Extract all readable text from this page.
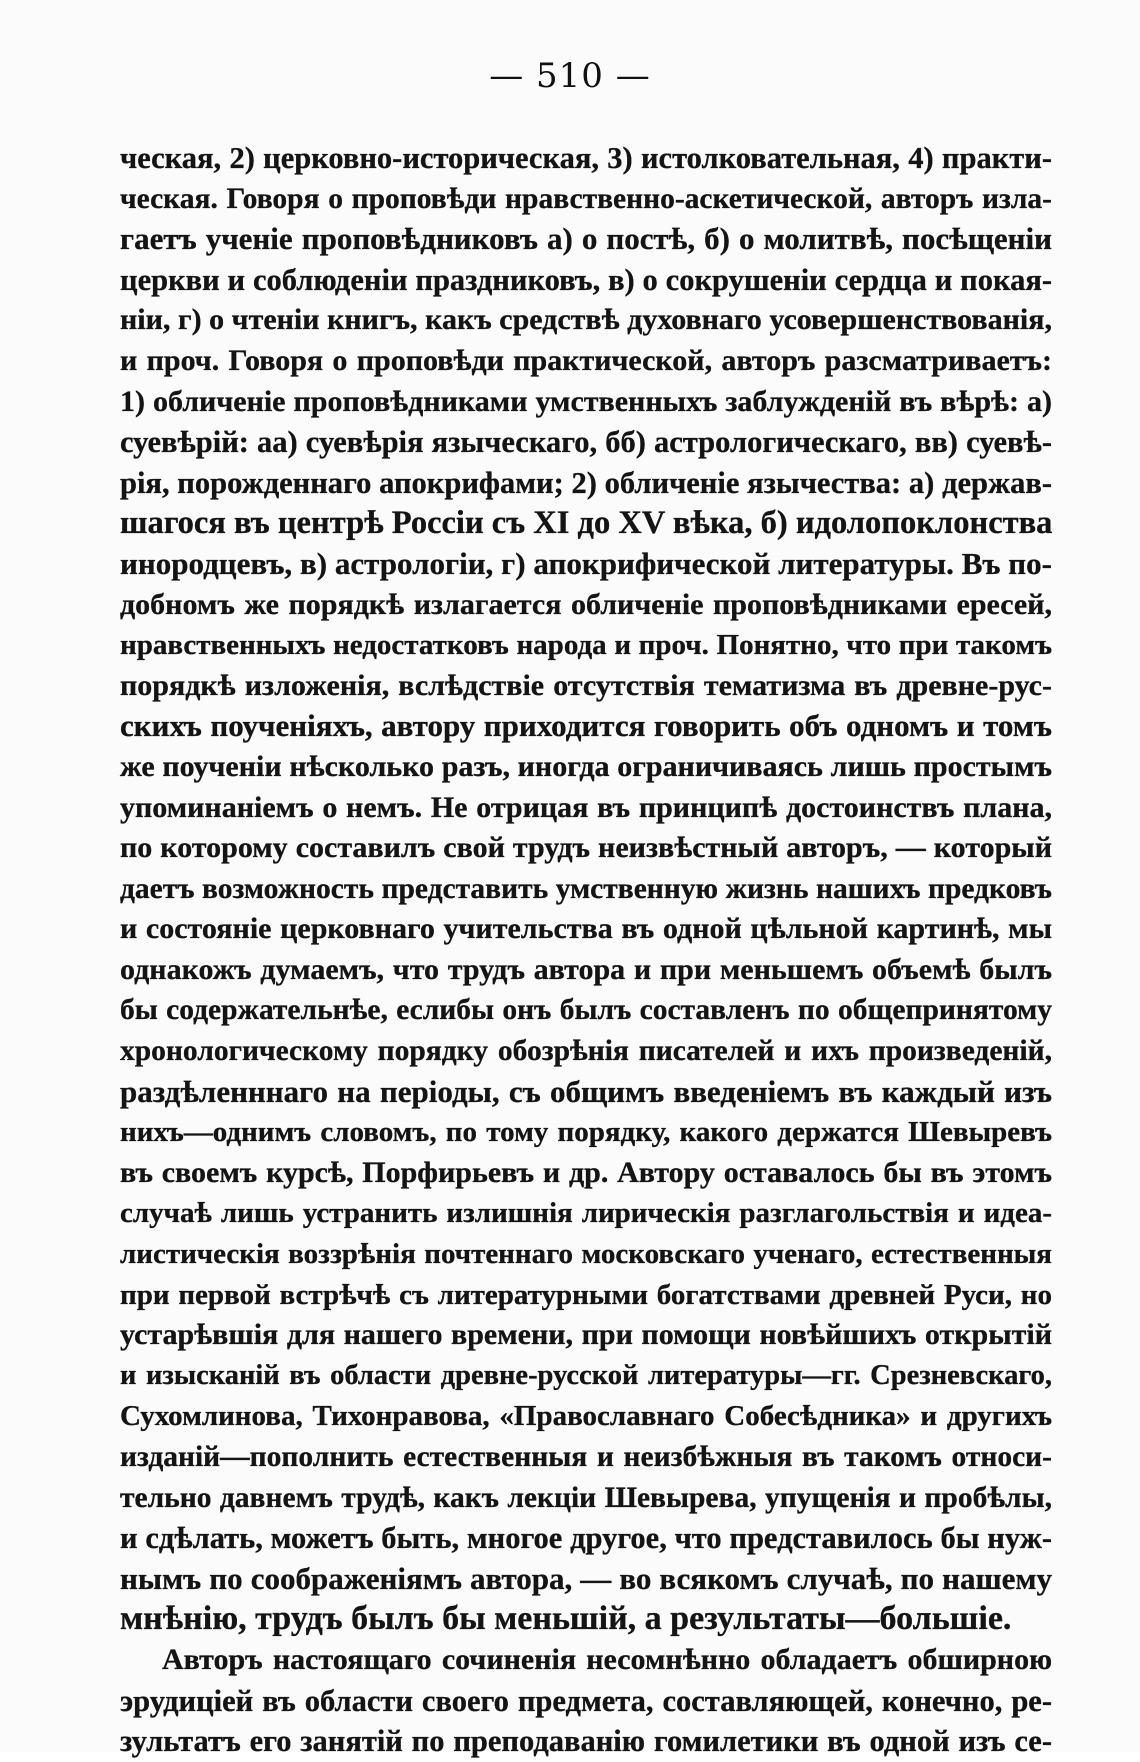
— 510 —
ческая, 2) церковно-историческая, 3) истолковательная, 4) практи-
ческая. Говоря о проповѣди нравственно-аскетической, авторъ изла-
гаетъ ученіе проповѣдниковъ а) о постѣ, б) о молитвѣ, посѣщеніи
церкви и соблюденіи праздниковъ, в) о сокрушеніи сердца и покая-
ніи, г) о чтеніи книгъ, какъ средствѣ духовнаго усовершенствованія,
и проч. Говоря о проповѣди практической, авторъ разсматриваетъ:
1) обличеніе проповѣдниками умственныхъ заблужденій въ вѣрѣ: а)
суевѣрій: аа) суевѣрія языческаго, бб) астрологическаго, вв) суевѣ-
рія, порожденнаго апокрифами; 2) обличеніе язычества: а) держав-
шагося въ центрѣ Россіи съ XI до XV вѣка, б) идолопоклонства
инородцевъ, в) астрологіи, г) апокрифической литературы. Въ по-
добномъ же порядкѣ излагается обличеніе проповѣдниками ересей,
нравственныхъ недостатковъ народа и проч. Понятно, что при такомъ
порядкѣ изложенія, вслѣдствіе отсутствія тематизма въ древне-рус-
скихъ поученіяхъ, автору приходится говорить объ одномъ и томъ
же поученіи нѣсколько разъ, иногда ограничиваясь лишь простымъ
упоминаніемъ о немъ. Не отрицая въ принципѣ достоинствъ плана,
по которому составилъ свой трудъ неизвѣстный авторъ, — который
даетъ возможность представить умственную жизнь нашихъ предковъ
и состояніе церковнаго учительства въ одной цѣльной картинѣ, мы
однакожъ думаемъ, что трудъ автора и при меньшемъ объемѣ былъ
бы содержательнѣе, еслибы онъ былъ составленъ по общепринятому
хронологическому порядку обозрѣнія писателей и ихъ произведеній,
раздѣленннаго на періоды, съ общимъ введеніемъ въ каждый изъ
нихъ—однимъ словомъ, по тому порядку, какого держатся Шевыревъ
въ своемъ курсѣ, Порфирьевъ и др. Автору оставалось бы въ этомъ
случаѣ лишь устранить излишнія лирическія разглагольствія и идеа-
листическія воззрѣнія почтеннаго московскаго ученаго, естественныя
при первой встрѣчѣ съ литературными богатствами древней Руси, но
устарѣвшія для нашего времени, при помощи новѣйшихъ открытій
и изысканій въ области древне-русской литературы—гг. Срезневскаго,
Сухомлинова, Тихонравова, «Православнаго Собесѣдника» и другихъ
изданій—пополнить естественныя и неизбѣжныя въ такомъ относи-
тельно давнемъ трудѣ, какъ лекціи Шевырева, упущенія и пробѣлы,
и сдѣлать, можетъ быть, многое другое, что представилось бы нуж-
нымъ по соображеніямъ автора, — во всякомъ случаѣ, по нашему
мнѣнію, трудъ былъ бы меньшій, а результаты—большіе.
Авторъ настоящаго сочиненія несомнѣнно обладаетъ обширною
эрудиціей въ области своего предмета, составляющей, конечно, ре-
зультатъ его занятій по преподаванію гомилетики въ одной изъ се-
